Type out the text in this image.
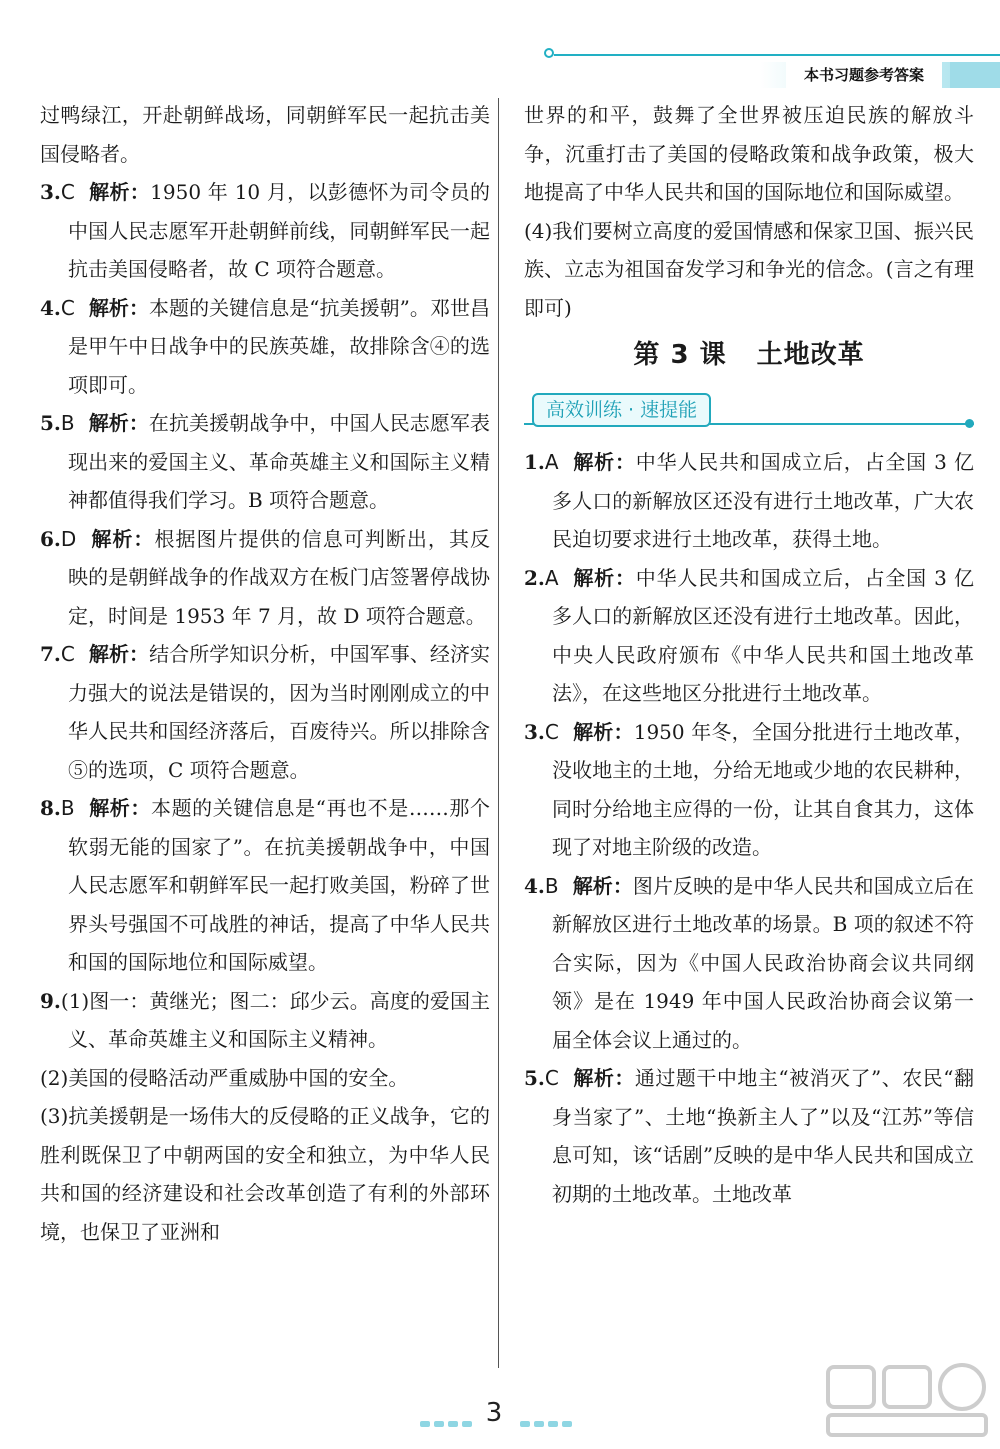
本书习题参考答案

过鸭绿江，开赴朝鲜战场，同朝鲜军民一起抗击美国侵略者。

3.C 解析：1950 年 10 月，以彭德怀为司令员的中国人民志愿军开赴朝鲜前线，同朝鲜军民一起抗击美国侵略者，故 C 项符合题意。

4.C 解析：本题的关键信息是“抗美援朝”。邓世昌是甲午中日战争中的民族英雄，故排除含④的选项即可。

5.B 解析：在抗美援朝战争中，中国人民志愿军表现出来的爱国主义、革命英雄主义和国际主义精神都值得我们学习。B 项符合题意。

6.D 解析：根据图片提供的信息可判断出，其反映的是朝鲜战争的作战双方在板门店签署停战协定，时间是 1953 年 7 月，故 D 项符合题意。

7.C 解析：结合所学知识分析，中国军事、经济实力强大的说法是错误的，因为当时刚刚成立的中华人民共和国经济落后，百废待兴。所以排除含⑤的选项，C 项符合题意。

8.B 解析：本题的关键信息是“再也不是……那个软弱无能的国家了”。在抗美援朝战争中，中国人民志愿军和朝鲜军民一起打败美国，粉碎了世界头号强国不可战胜的神话，提高了中华人民共和国的国际地位和国际威望。

9.(1)图一：黄继光；图二：邱少云。高度的爱国主义、革命英雄主义和国际主义精神。

(2)美国的侵略活动严重威胁中国的安全。

(3)抗美援朝是一场伟大的反侵略的正义战争，它的胜利既保卫了中朝两国的安全和独立，为中华人民共和国的经济建设和社会改革创造了有利的外部环境，也保卫了亚洲和

世界的和平，鼓舞了全世界被压迫民族的解放斗争，沉重打击了美国的侵略政策和战争政策，极大地提高了中华人民共和国的国际地位和国际威望。

(4)我们要树立高度的爱国情感和保家卫国、振兴民族、立志为祖国奋发学习和争光的信念。(言之有理即可)

第 3 课 土地改革
高效训练 · 速提能

1.A 解析：中华人民共和国成立后，占全国 3 亿多人口的新解放区还没有进行土地改革，广大农民迫切要求进行土地改革，获得土地。

2.A 解析：中华人民共和国成立后，占全国 3 亿多人口的新解放区还没有进行土地改革。因此，中央人民政府颁布《中华人民共和国土地改革法》，在这些地区分批进行土地改革。

3.C 解析：1950 年冬，全国分批进行土地改革，没收地主的土地，分给无地或少地的农民耕种，同时分给地主应得的一份，让其自食其力，这体现了对地主阶级的改造。

4.B 解析：图片反映的是中华人民共和国成立后在新解放区进行土地改革的场景。B 项的叙述不符合实际，因为《中国人民政治协商会议共同纲领》是在 1949 年中国人民政治协商会议第一届全体会议上通过的。

5.C 解析：通过题干中地主“被消灭了”、农民“翻身当家了”、土地“换新主人了”以及“江苏”等信息可知，该“话剧”反映的是中华人民共和国成立初期的土地改革。土地改革

3
